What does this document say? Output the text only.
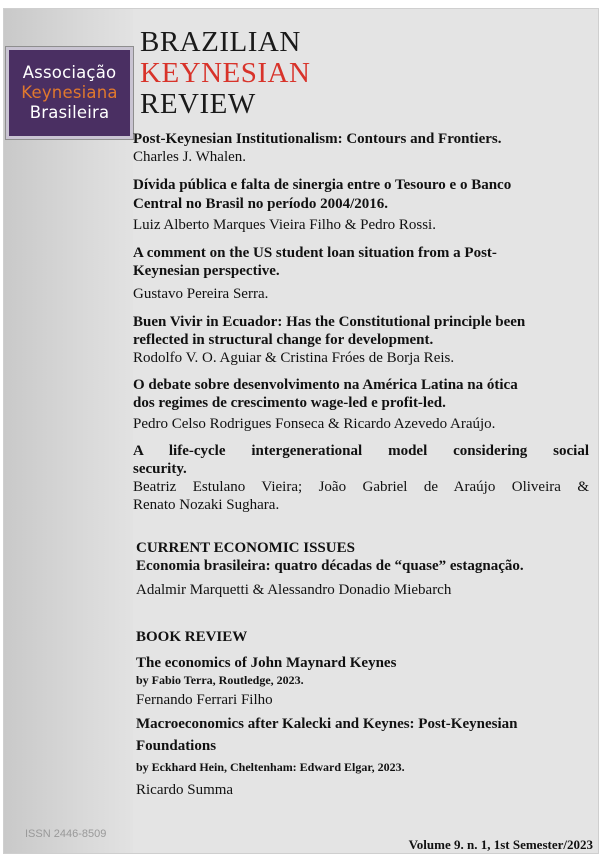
Associação
Keynesiana
Brasileira
ISSN 2446-8509
BRAZILIAN
KEYNESIAN
REVIEW
Post-Keynesian Institutionalism: Contours and Frontiers.
Charles J. Whalen.
Dívida pública e falta de sinergia entre o Tesouro e o Banco
Central no Brasil no período 2004/2016.
Luiz Alberto Marques Vieira Filho & Pedro Rossi.
A comment on the US student loan situation from a Post-
Keynesian perspective.
Gustavo Pereira Serra.
Buen Vivir in Ecuador: Has the Constitutional principle been
reflected in structural change for development.
Rodolfo V. O. Aguiar & Cristina Fróes de Borja Reis.
O debate sobre desenvolvimento na América Latina na ótica
dos regimes de crescimento wage-led e profit-led.
Pedro Celso Rodrigues Fonseca & Ricardo Azevedo Araújo.
A life-cycle intergenerational model considering social
security.
Beatriz Estulano Vieira; João Gabriel de Araújo Oliveira &
Renato Nozaki Sughara.
CURRENT ECONOMIC ISSUES
Economia brasileira: quatro décadas de “quase” estagnação.
Adalmir Marquetti & Alessandro Donadio Miebarch
BOOK REVIEW
The economics of John Maynard Keynes
by Fabio Terra, Routledge, 2023.
Fernando Ferrari Filho
Macroeconomics after Kalecki and Keynes: Post-Keynesian
Foundations
by Eckhard Hein, Cheltenham: Edward Elgar, 2023.
Ricardo Summa
Volume 9. n. 1, 1st Semester/2023
